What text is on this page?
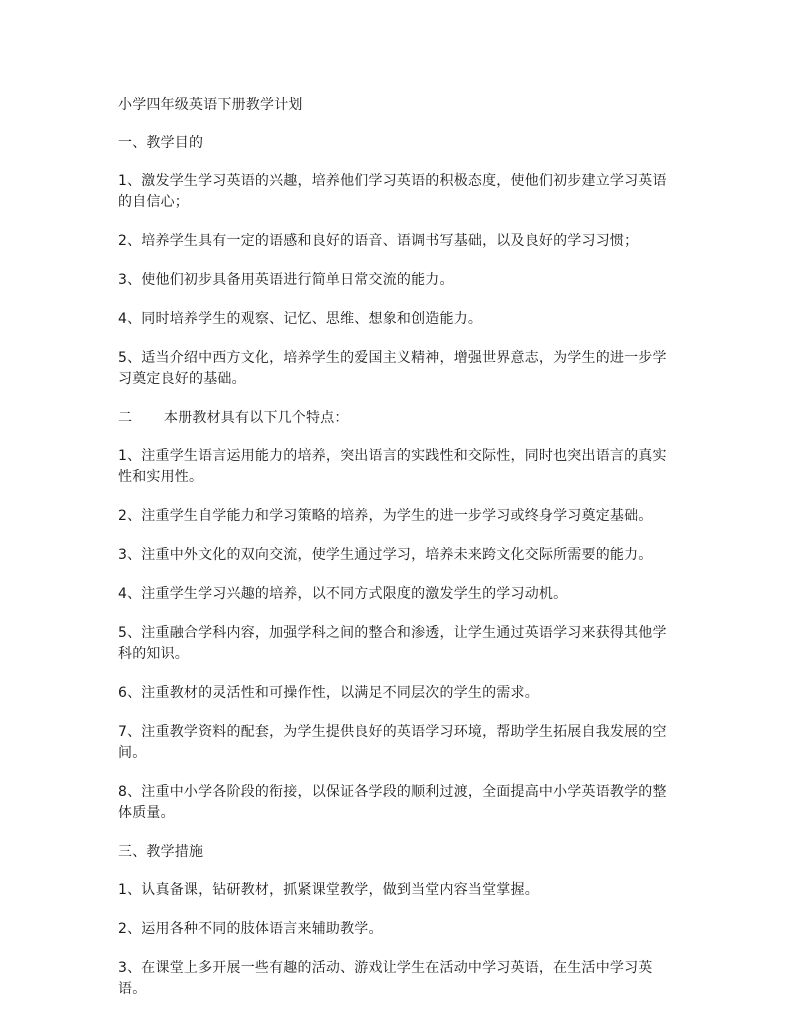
小学四年级英语下册教学计划

一、教学目的

1、激发学生学习英语的兴趣，培养他们学习英语的积极态度，使他们初步建立学习英语的自信心；

2、培养学生具有一定的语感和良好的语音、语调书写基础，以及良好的学习习惯；

3、使他们初步具备用英语进行简单日常交流的能力。

4、同时培养学生的观察、记忆、思维、想象和创造能力。

5、适当介绍中西方文化，培养学生的爱国主义精神，增强世界意志，为学生的进一步学习奠定良好的基础。

二 本册教材具有以下几个特点：

1、注重学生语言运用能力的培养，突出语言的实践性和交际性，同时也突出语言的真实性和实用性。

2、注重学生自学能力和学习策略的培养，为学生的进一步学习或终身学习奠定基础。

3、注重中外文化的双向交流，使学生通过学习，培养未来跨文化交际所需要的能力。

4、注重学生学习兴趣的培养，以不同方式限度的激发学生的学习动机。

5、注重融合学科内容，加强学科之间的整合和渗透，让学生通过英语学习来获得其他学科的知识。

6、注重教材的灵活性和可操作性，以满足不同层次的学生的需求。

7、注重教学资料的配套，为学生提供良好的英语学习环境，帮助学生拓展自我发展的空间。

8、注重中小学各阶段的衔接，以保证各学段的顺利过渡，全面提高中小学英语教学的整体质量。

三、教学措施

1、认真备课，钻研教材，抓紧课堂教学，做到当堂内容当堂掌握。

2、运用各种不同的肢体语言来辅助教学。

3、在课堂上多开展一些有趣的活动、游戏让学生在活动中学习英语，在生活中学习英语。
